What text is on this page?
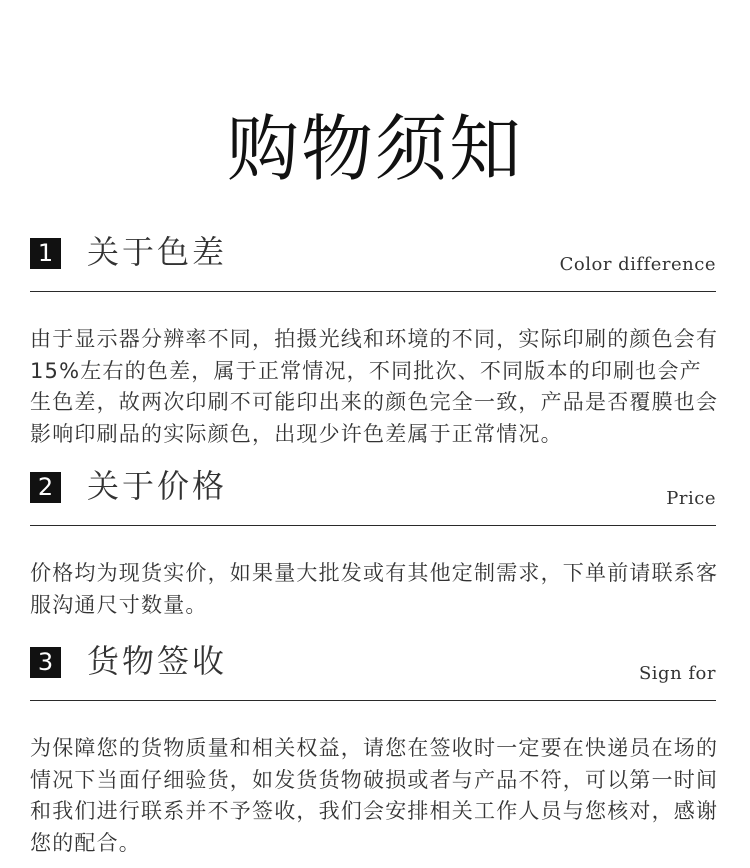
购物须知
1 关于色差	Color difference

由于显示器分辨率不同，拍摄光线和环境的不同，实际印刷的颜色会有15%左右的色差，属于正常情况，不同批次、不同版本的印刷也会产生色差，故两次印刷不可能印出来的颜色完全一致，产品是否覆膜也会影响印刷品的实际颜色，出现少许色差属于正常情况。

2 关于价格	Price

价格均为现货实价，如果量大批发或有其他定制需求，下单前请联系客服沟通尺寸数量。

3 货物签收	Sign for

为保障您的货物质量和相关权益，请您在签收时一定要在快递员在场的情况下当面仔细验货，如发货货物破损或者与产品不符，可以第一时间和我们进行联系并不予签收，我们会安排相关工作人员与您核对，感谢您的配合。
